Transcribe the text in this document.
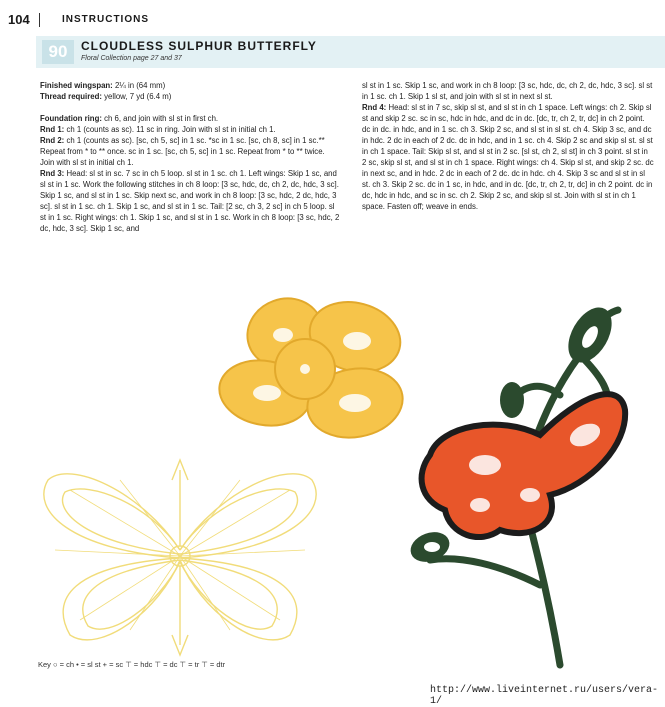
104	INSTRUCTIONS
90	CLOUDLESS SULPHUR BUTTERFLY
Floral Collection page 27 and 37

Finished wingspan: 2¼ in (64 mm)

Thread required: yellow, 7 yd (6.4 m)

Foundation ring: ch 6, and join with sl st in first ch.

Rnd 1: ch 1 (counts as sc). 11 sc in ring. Join with sl st in initial ch 1.

Rnd 2: ch 1 (counts as sc). [sc, ch 5, sc] in 1 sc. *sc in 1 sc. [sc, ch 8, sc] in 1 sc.** Repeat from * to ** once. sc in 1 sc. [sc, ch 5, sc] in 1 sc. Repeat from * to ** twice. Join with sl st in initial ch 1.

Rnd 3: Head: sl st in sc. 7 sc in ch 5 loop. sl st in 1 sc. ch 1. Left wings: Skip 1 sc, and sl st in 1 sc. Work the following stitches in ch 8 loop: [3 sc, hdc, dc, ch 2, dc, hdc, 3 sc]. Skip 1 sc, and sl st in 1 sc. Skip next sc, and work in ch 8 loop: [3 sc, hdc, 2 dc, hdc, 3 sc]. sl st in 1 sc. ch 1. Skip 1 sc, and sl st in 1 sc. Tail: [2 sc, ch 3, 2 sc] in ch 5 loop. sl st in 1 sc. Right wings: ch 1. Skip 1 sc, and sl st in 1 sc. Work in ch 8 loop: [3 sc, hdc, 2 dc, hdc, 3 sc]. Skip 1 sc, and

sl st in 1 sc. Skip 1 sc, and work in ch 8 loop: [3 sc, hdc, dc, ch 2, dc, hdc, 3 sc]. sl st in 1 sc. ch 1. Skip 1 sl st, and join with sl st in next sl st.

Rnd 4: Head: sl st in 7 sc, skip sl st, and sl st in ch 1 space. Left wings: ch 2. Skip sl st and skip 2 sc. sc in sc, hdc in hdc, and dc in dc. [dc, tr, ch 2, tr, dc] in ch 2 point. dc in dc. in hdc, and in 1 sc. ch 3. Skip 2 sc, and sl st in sl st. ch 4. Skip 3 sc, and dc in hdc. 2 dc in each of 2 dc. dc in hdc, and in 1 sc. ch 4. Skip 2 sc and skip sl st. sl st in ch 1 space. Tail: Skip sl st, and sl st in 2 sc. [sl st, ch 2, sl st] in ch 3 point. sl st in 2 sc, skip sl st, and sl st in ch 1 space. Right wings: ch 4. Skip sl st, and skip 2 sc. dc in next sc, and in hdc. 2 dc in each of 2 dc. dc in hdc. ch 4. Skip 3 sc and sl st in sl st. ch 3. Skip 2 sc. dc in 1 sc, in hdc, and in dc. [dc, tr, ch 2, tr, dc] in ch 2 point. dc in dc, hdc in hdc, and sc in sc. ch 2. Skip 2 sc, and skip sl st. Join with sl st in ch 1 space. Fasten off; weave in ends.

Key ○ = ch • = sl st + = sc ⊤ = hdc ⊤ = dc ⊤ = tr ⊤ = dtr
http://www.liveinternet.ru/users/vera-1/
